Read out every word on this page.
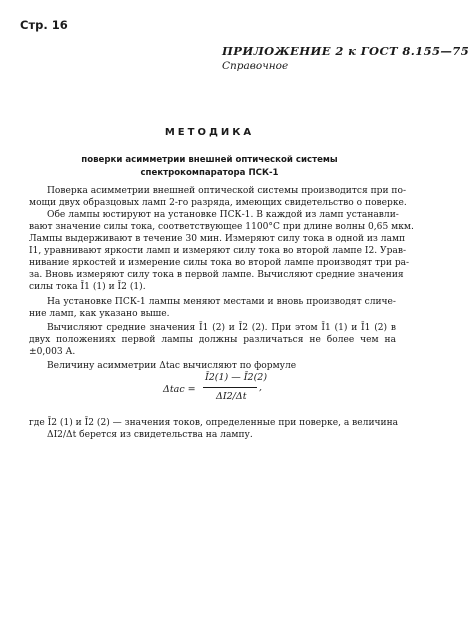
Стр. 16
ПРИЛОЖЕНИЕ 2 к ГОСТ 8.155—75
Справочное
МЕТОДИКА
поверки асимметрии внешней оптической системы
спектрокомпаратора ПСК-1
Поверка асимметрии внешней оптической системы производится при по-
мощи двух образцовых ламп 2-го разряда, имеющих свидетельство о поверке.
Обе лампы юстируют на установке ПСК-1. В каждой из ламп устанавли-
вают значение силы тока, соответствующее 1100°С при длине волны 0,65 мкм.
Лампы выдерживают в течение 30 мин. Измеряют силу тока в одной из ламп
I1, уравнивают яркости ламп и измеряют силу тока во второй лампе I2. Урав-
нивание яркостей и измерение силы тока во второй лампе производят три ра-
за. Вновь измеряют силу тока в первой лампе. Вычисляют средние значения
силы тока Ī1 (1) и Ī2 (1).
На установке ПСК-1 лампы меняют местами и вновь производят сличе-
ние ламп, как указано выше.
Вычисляют средние значения Ī1 (2) и Ī2 (2). При этом Ī1 (1) и Ī1 (2) в
двух положениях первой лампы должны различаться не более чем на
±0,003 А.
Величину асимметрии Δtас вычисляют по формуле
Δtас =
Ī2(1) — Ī2(2)
ΔI2/Δt
,
где Ī2 (1) и Ī2 (2) — значения токов, определенные при поверке, а величина
ΔI2/Δt берется из свидетельства на лампу.
